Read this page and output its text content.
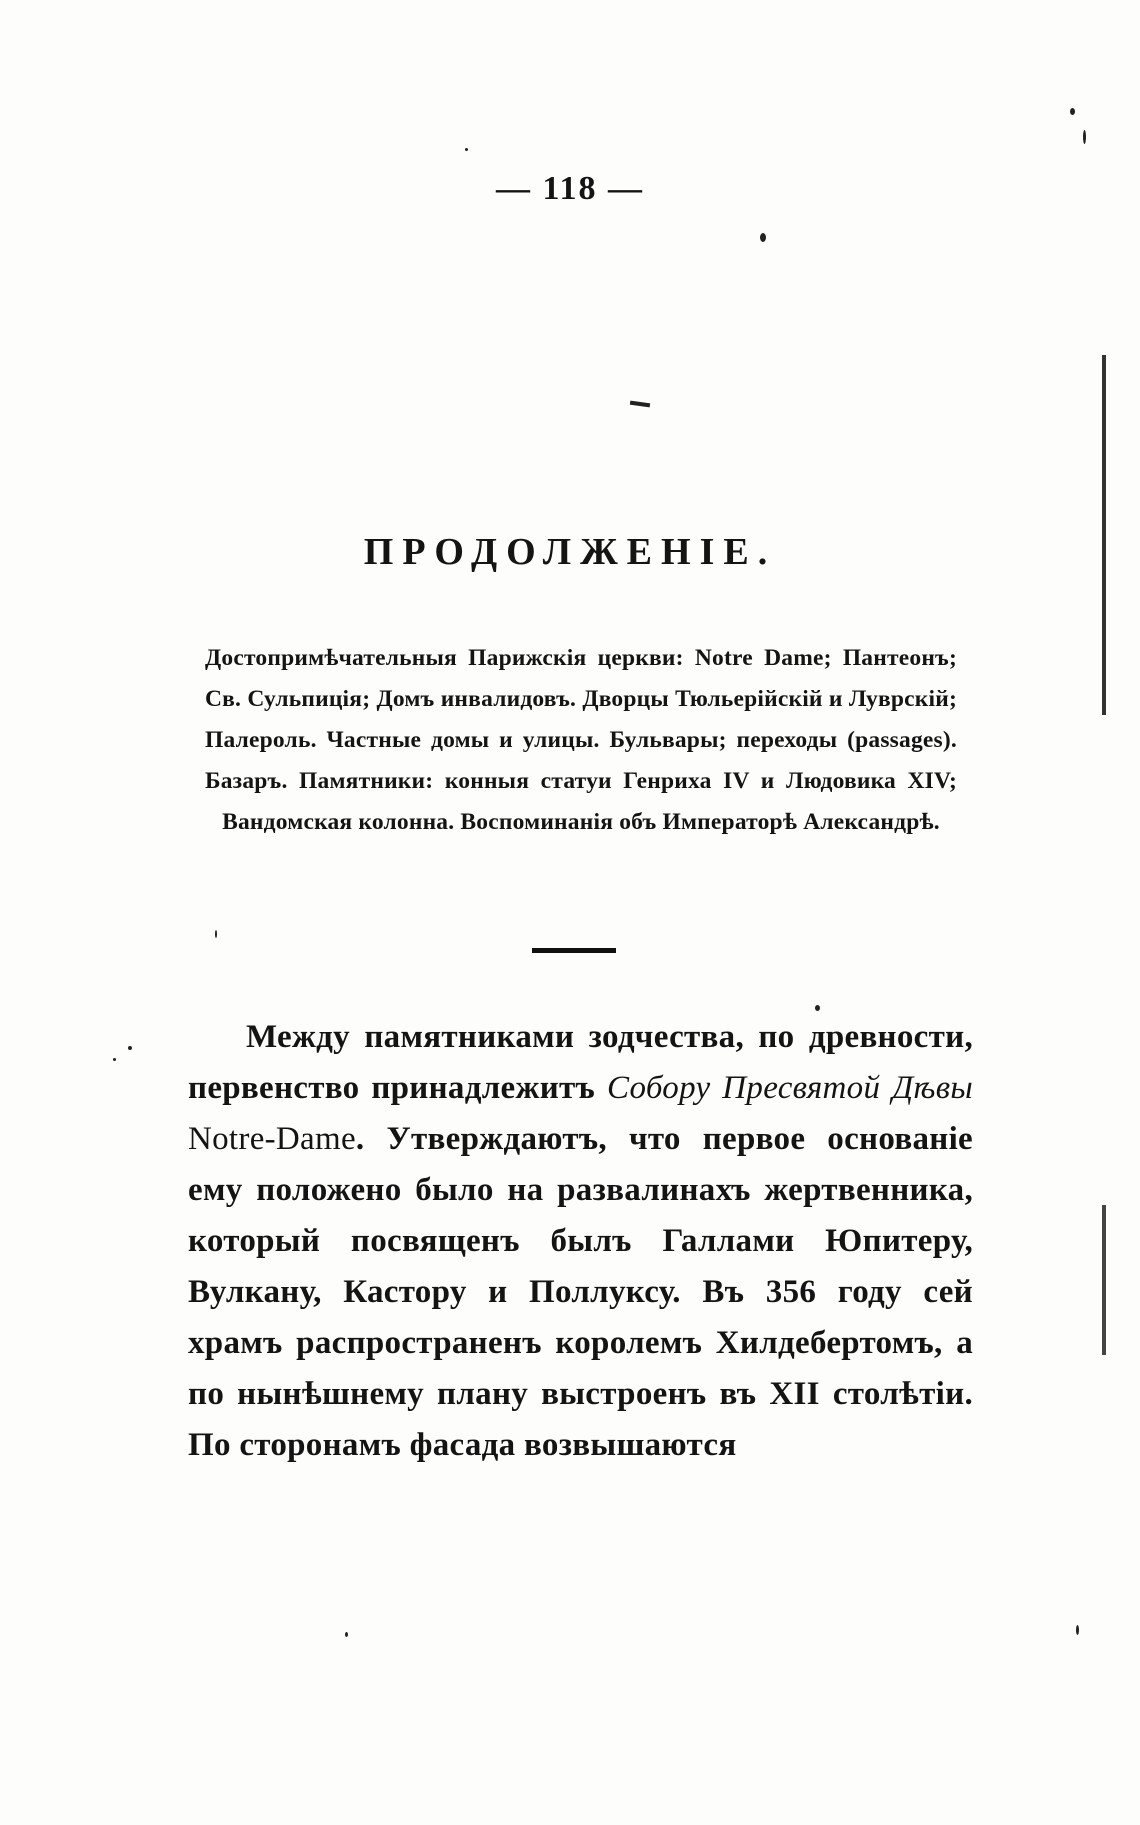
— 118 —
ПРОДОЛЖЕНІЕ.
Достопримѣчательныя Парижскія церкви: Notre Dame; Пантеонъ; Св. Сульпиція; Домъ инвалидовъ. Дворцы Тюльерійскій и Луврскій; Палероль. Частные домы и улицы. Бульвары; переходы (passages). Базаръ. Памятники: конныя статуи Генриха IV и Людовика XIV; Вандомская колонна. Воспоминанія объ Императорѣ Александрѣ.
Между памятниками зодчества, по древности, первенство принадлежитъ Собору Пресвятой Дѣвы Notre-Dame. Утверждаютъ, что первое основаніе ему положено было на развалинахъ жертвенника, который посвященъ былъ Галлами Юпитеру, Вулкану, Кастору и Поллуксу. Въ 356 году сей храмъ распространенъ королемъ Хилдебертомъ, а по нынѣшнему плану выстроенъ въ XII столѣтіи. По сторонамъ фасада возвышаются
